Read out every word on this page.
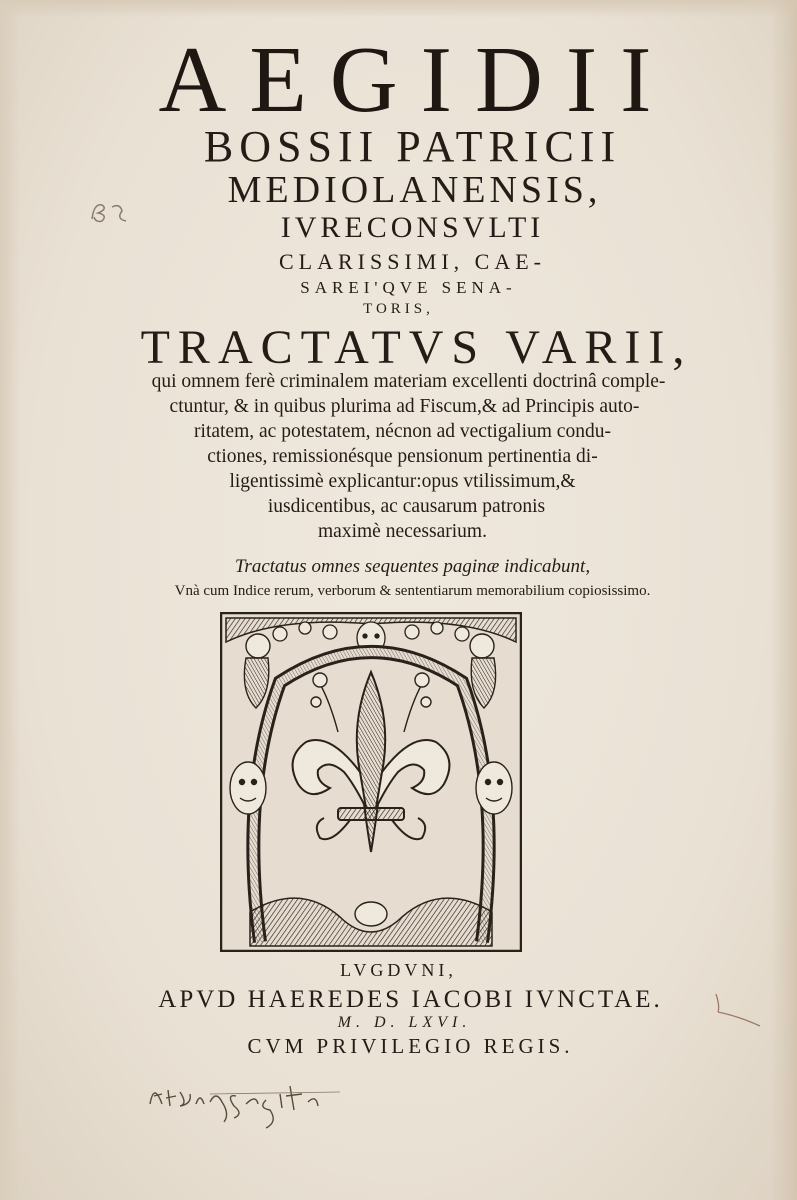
AEGIDII
BOSSII PATRICII
MEDIOLANENSIS,
IVRECONSVLTI
CLARISSIMI, CAE-
SAREI'QVE SENA-
TORIS,
TRACTATVS VARII,
qui omnem ferè criminalem materiam excellenti doctrinâ comple-
ctuntur, & in quibus plurima ad Fiscum,& ad Principis auto-
ritatem, ac potestatem, nécnon ad vectigalium condu-
ctiones, remissionésque pensionum pertinentia di-
ligentissimè explicantur:opus vtilissimum,&
iusdicentibus, ac causarum patronis
maximè necessarium.
Tractatus omnes sequentes paginæ indicabunt,
Vnà cum Indice rerum, verborum & sententiarum memorabilium copiosissimo.
LVGDVNI,
APVD HAEREDES IACOBI IVNCTAE.
M. D. LXVI.
CVM PRIVILEGIO REGIS.
